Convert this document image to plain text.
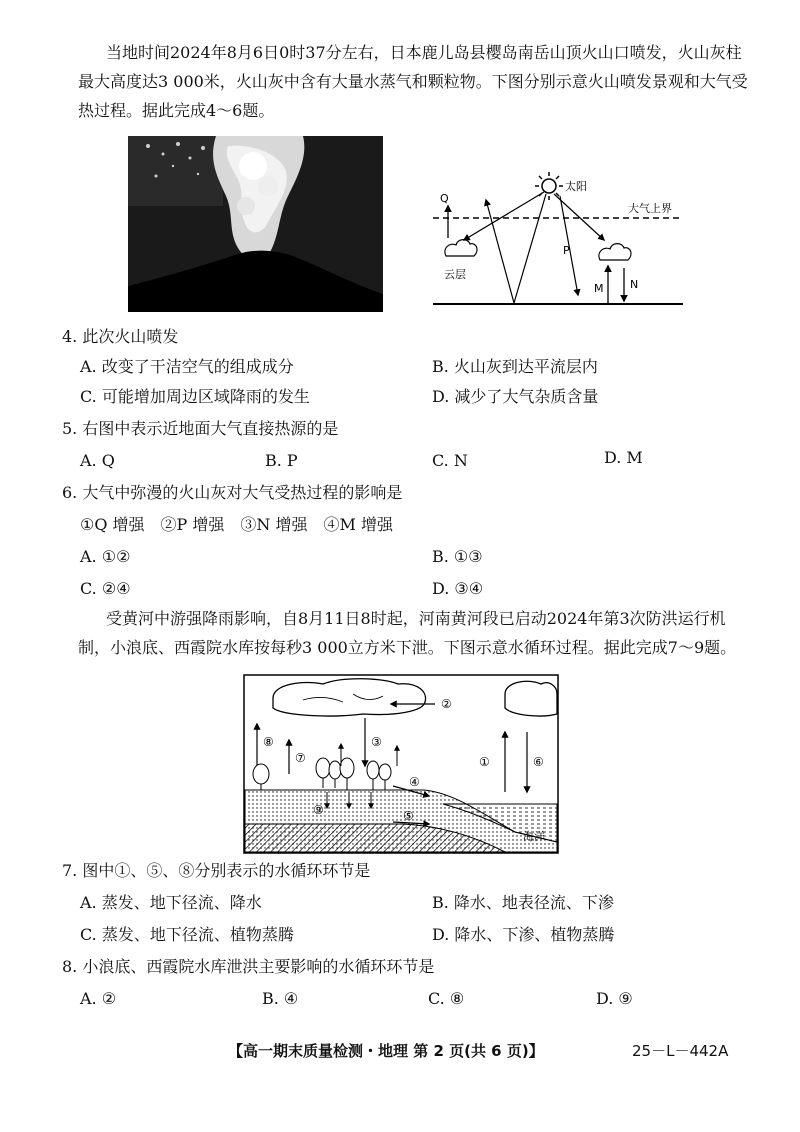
当地时间2024年8月6日0时37分左右，日本鹿儿岛县樱岛南岳山顶火山口喷发，火山灰柱最大高度达3 000米，火山灰中含有大量水蒸气和颗粒物。下图分别示意火山喷发景观和大气受热过程。据此完成4～6题。
太阳
大气上界
Q
云层
P
M N
4. 此次火山喷发
A. 改变了干洁空气的组成成分	B. 火山灰到达平流层内
C. 可能增加周边区域降雨的发生	D. 减少了大气杂质含量
5. 右图中表示近地面大气直接热源的是
A. Q	B. P	C. N	D. M
6. 大气中弥漫的火山灰对大气受热过程的影响是
①Q 增强　②P 增强　③N 增强　④M 增强
A. ①②	B. ①③
C. ②④	D. ③④
受黄河中游强降雨影响，自8月11日8时起，河南黄河段已启动2024年第3次防洪运行机制，小浪底、西霞院水库按每秒3 000立方米下泄。下图示意水循环过程。据此完成7～9题。
②
③
①	⑥
⑧
⑦
海洋
④
⑨	⑤
7. 图中①、⑤、⑧分别表示的水循环环节是
A. 蒸发、地下径流、降水	B. 降水、地表径流、下渗
C. 蒸发、地下径流、植物蒸腾	D. 降水、下渗、植物蒸腾
8. 小浪底、西霞院水库泄洪主要影响的水循环环节是
A. ②	B. ④	C. ⑧	D. ⑨
【高一期末质量检测・地理 第 2 页(共 6 页)】	25－L－442A
